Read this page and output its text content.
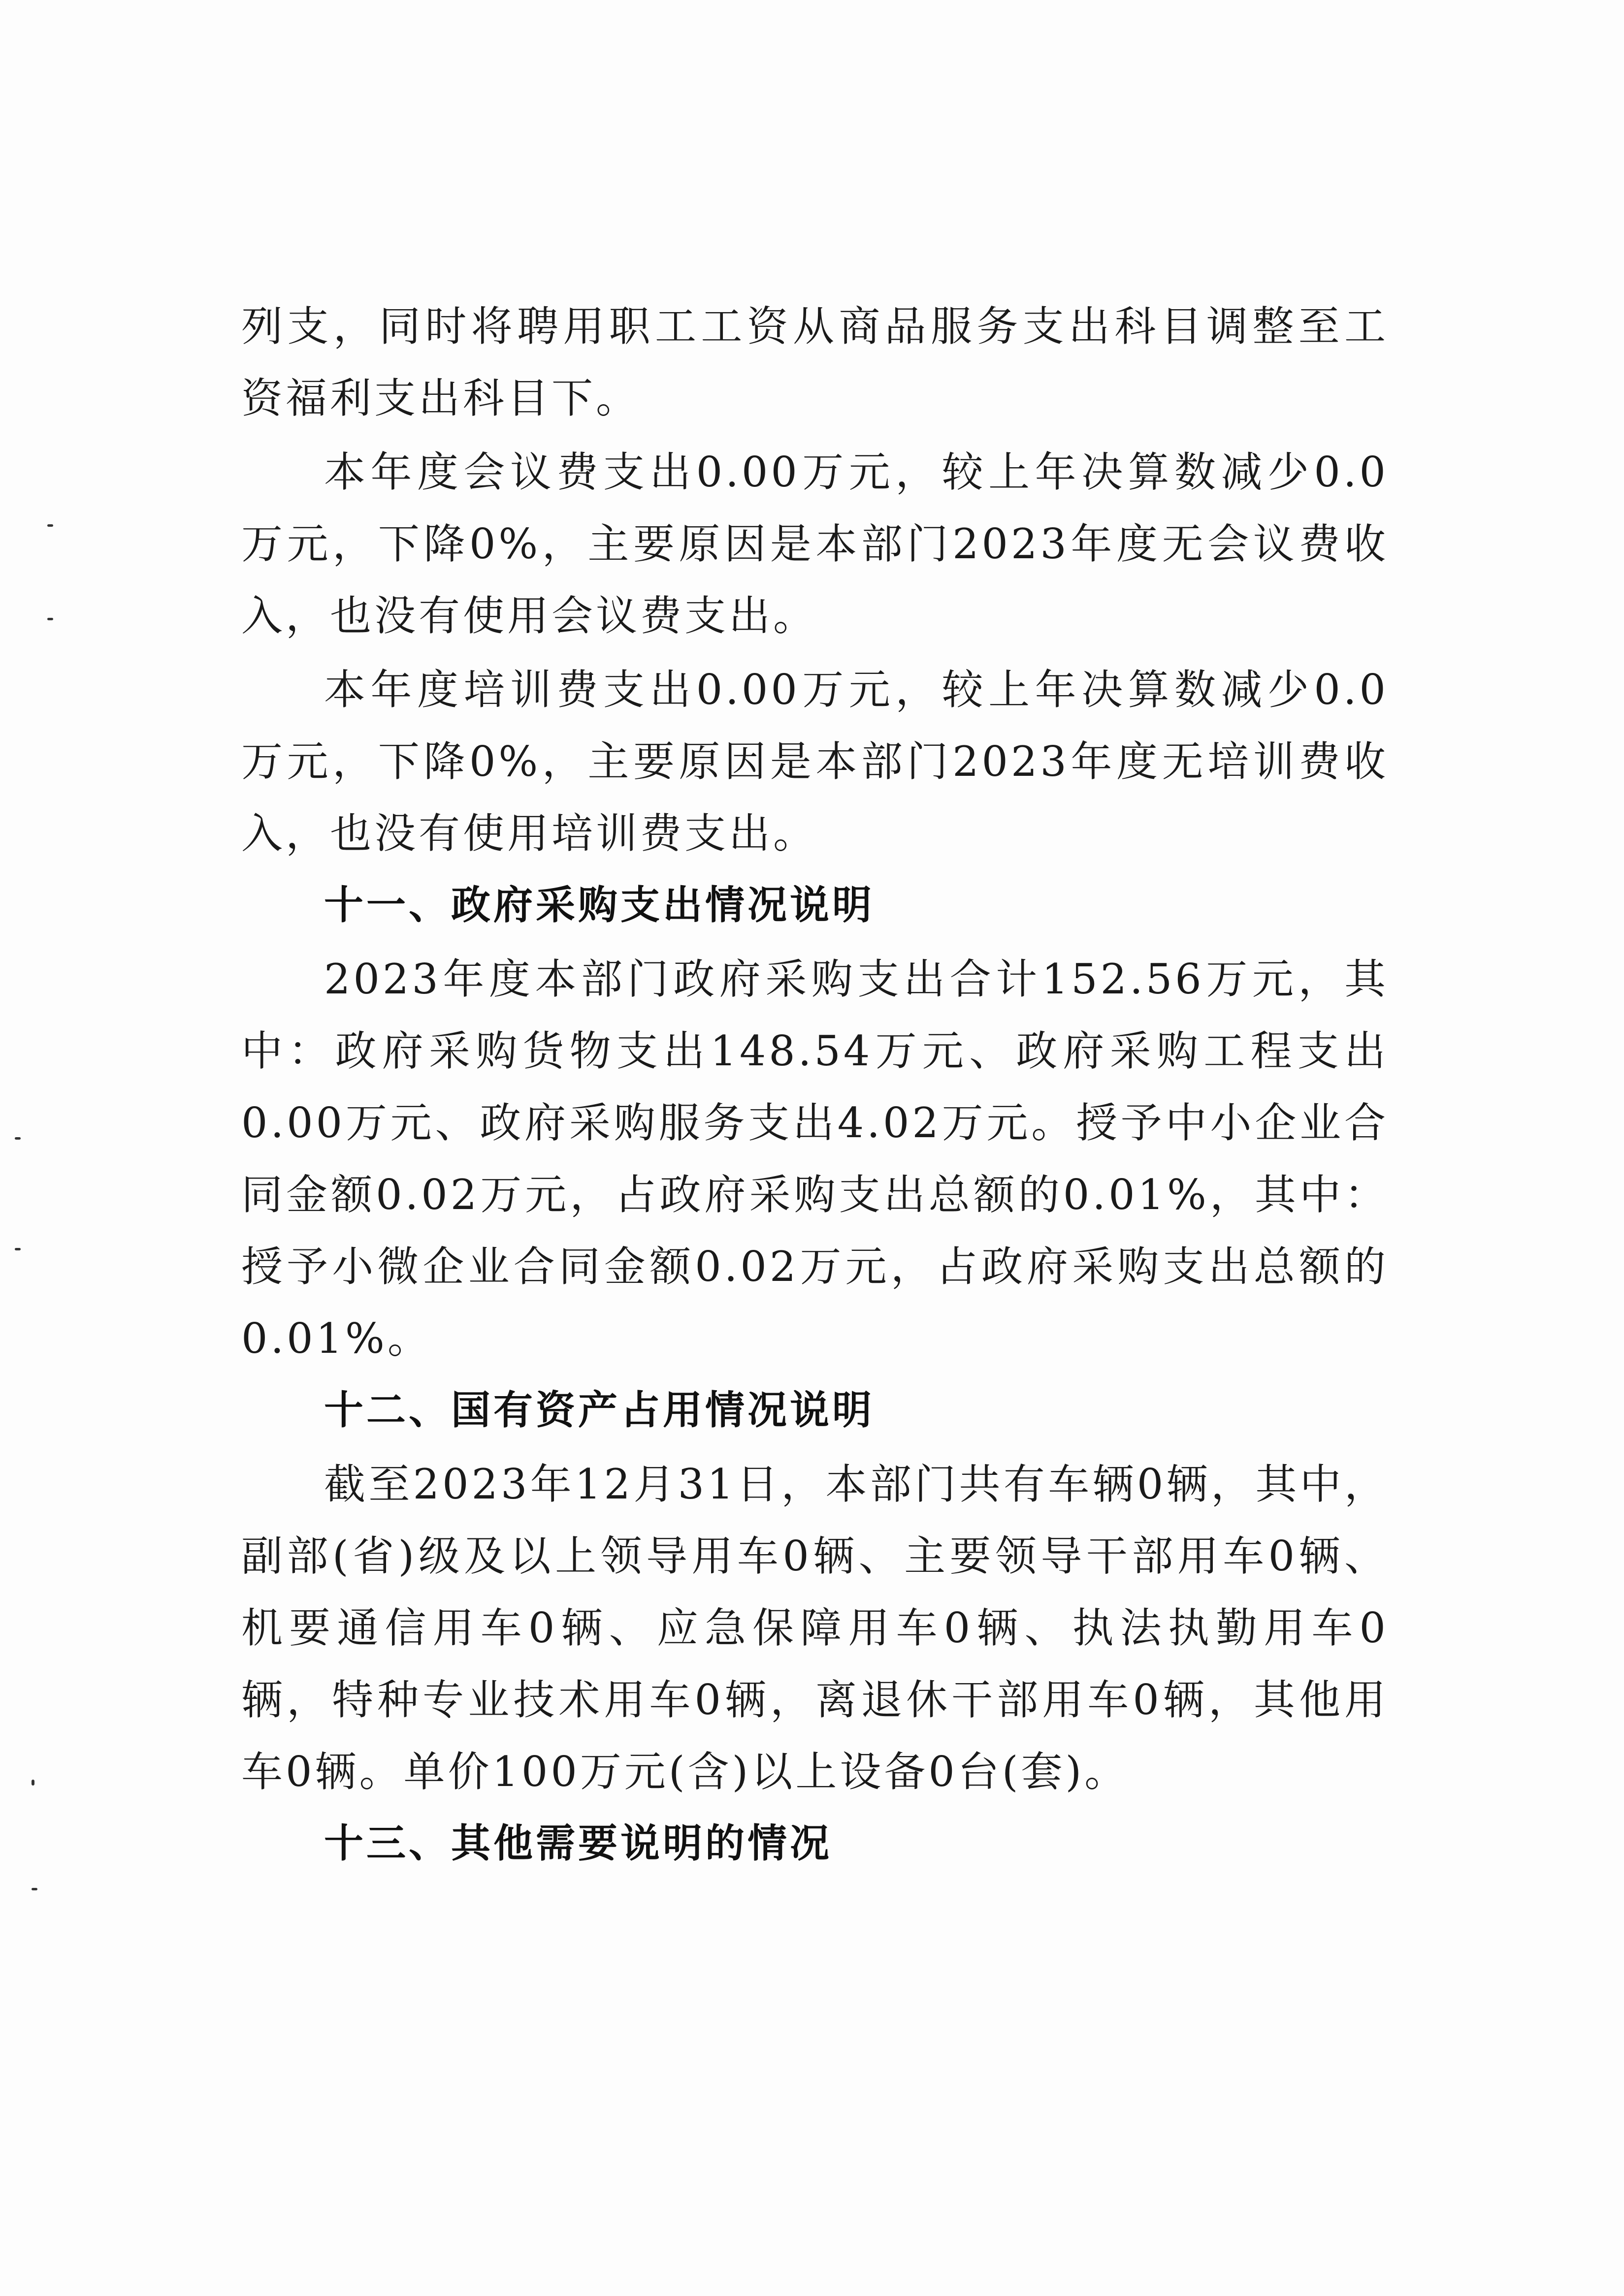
列支，同时将聘用职工工资从商品服务支出科目调整至工资福利支出科目下。

本年度会议费支出0.00万元，较上年决算数减少0.0万元，下降0%，主要原因是本部门2023年度无会议费收入，也没有使用会议费支出。

本年度培训费支出0.00万元，较上年决算数减少0.0万元，下降0%，主要原因是本部门2023年度无培训费收入，也没有使用培训费支出。

十一、政府采购支出情况说明

2023年度本部门政府采购支出合计152.56万元，其中：政府采购货物支出148.54万元、政府采购工程支出0.00万元、政府采购服务支出4.02万元。授予中小企业合同金额0.02万元，占政府采购支出总额的0.01%，其中：授予小微企业合同金额0.02万元，占政府采购支出总额的0.01%。

十二、国有资产占用情况说明

截至2023年12月31日，本部门共有车辆0辆，其中，副部(省)级及以上领导用车0辆、主要领导干部用车0辆、机要通信用车0辆、应急保障用车0辆、执法执勤用车0辆，特种专业技术用车0辆，离退休干部用车0辆，其他用车0辆。单价100万元(含)以上设备0台(套)。

十三、其他需要说明的情况
